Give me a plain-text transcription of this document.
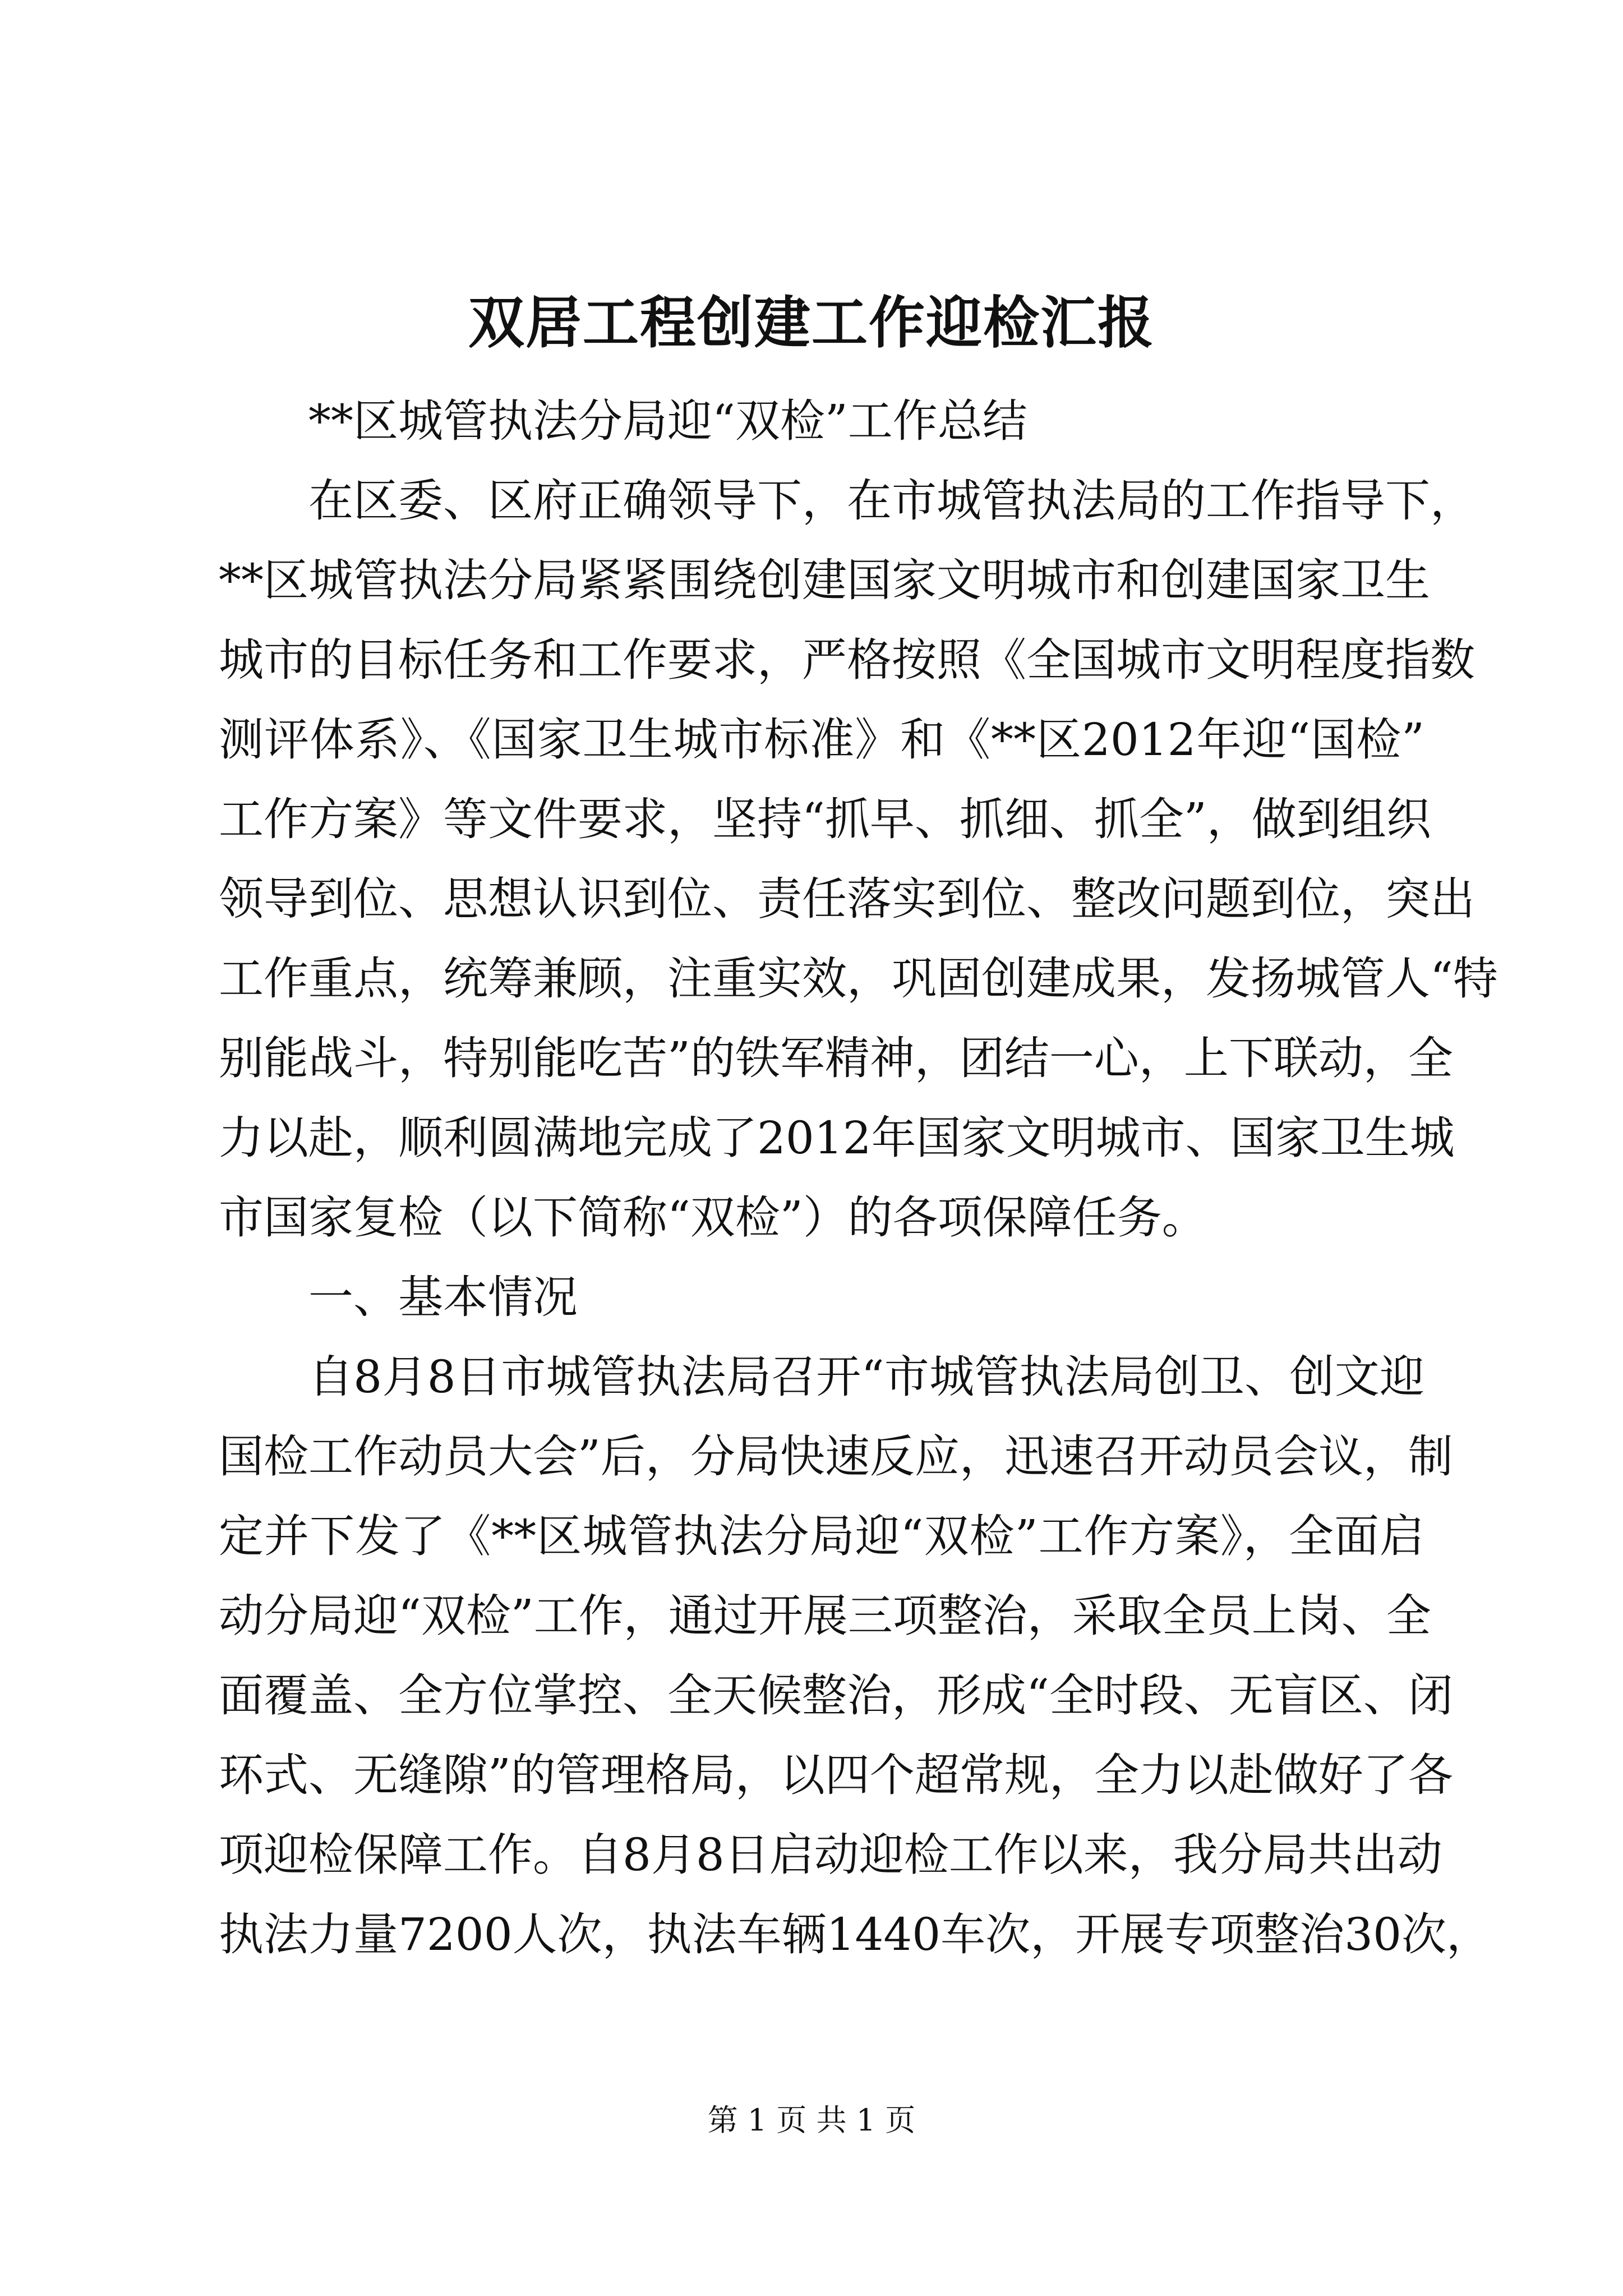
双居工程创建工作迎检汇报
**区城管执法分局迎“双检”工作总结
在区委、区府正确领导下，在市城管执法局的工作指导下，
**区城管执法分局紧紧围绕创建国家文明城市和创建国家卫生
城市的目标任务和工作要求，严格按照《全国城市文明程度指数
测评体系》、《国家卫生城市标准》和《**区2012年迎“国检”
工作方案》等文件要求，坚持“抓早、抓细、抓全”，做到组织
领导到位、思想认识到位、责任落实到位、整改问题到位，突出
工作重点，统筹兼顾，注重实效，巩固创建成果，发扬城管人“特
别能战斗，特别能吃苦”的铁军精神，团结一心，上下联动，全
力以赴，顺利圆满地完成了2012年国家文明城市、国家卫生城
市国家复检（以下简称“双检”）的各项保障任务。
一、基本情况
自8月8日市城管执法局召开“市城管执法局创卫、创文迎
国检工作动员大会”后，分局快速反应，迅速召开动员会议，制
定并下发了《**区城管执法分局迎“双检”工作方案》，全面启
动分局迎“双检”工作，通过开展三项整治，采取全员上岗、全
面覆盖、全方位掌控、全天候整治，形成“全时段、无盲区、闭
环式、无缝隙”的管理格局，以四个超常规，全力以赴做好了各
项迎检保障工作。自8月8日启动迎检工作以来，我分局共出动
执法力量7200人次，执法车辆1440车次，开展专项整治30次，
第 1 页 共 1 页
